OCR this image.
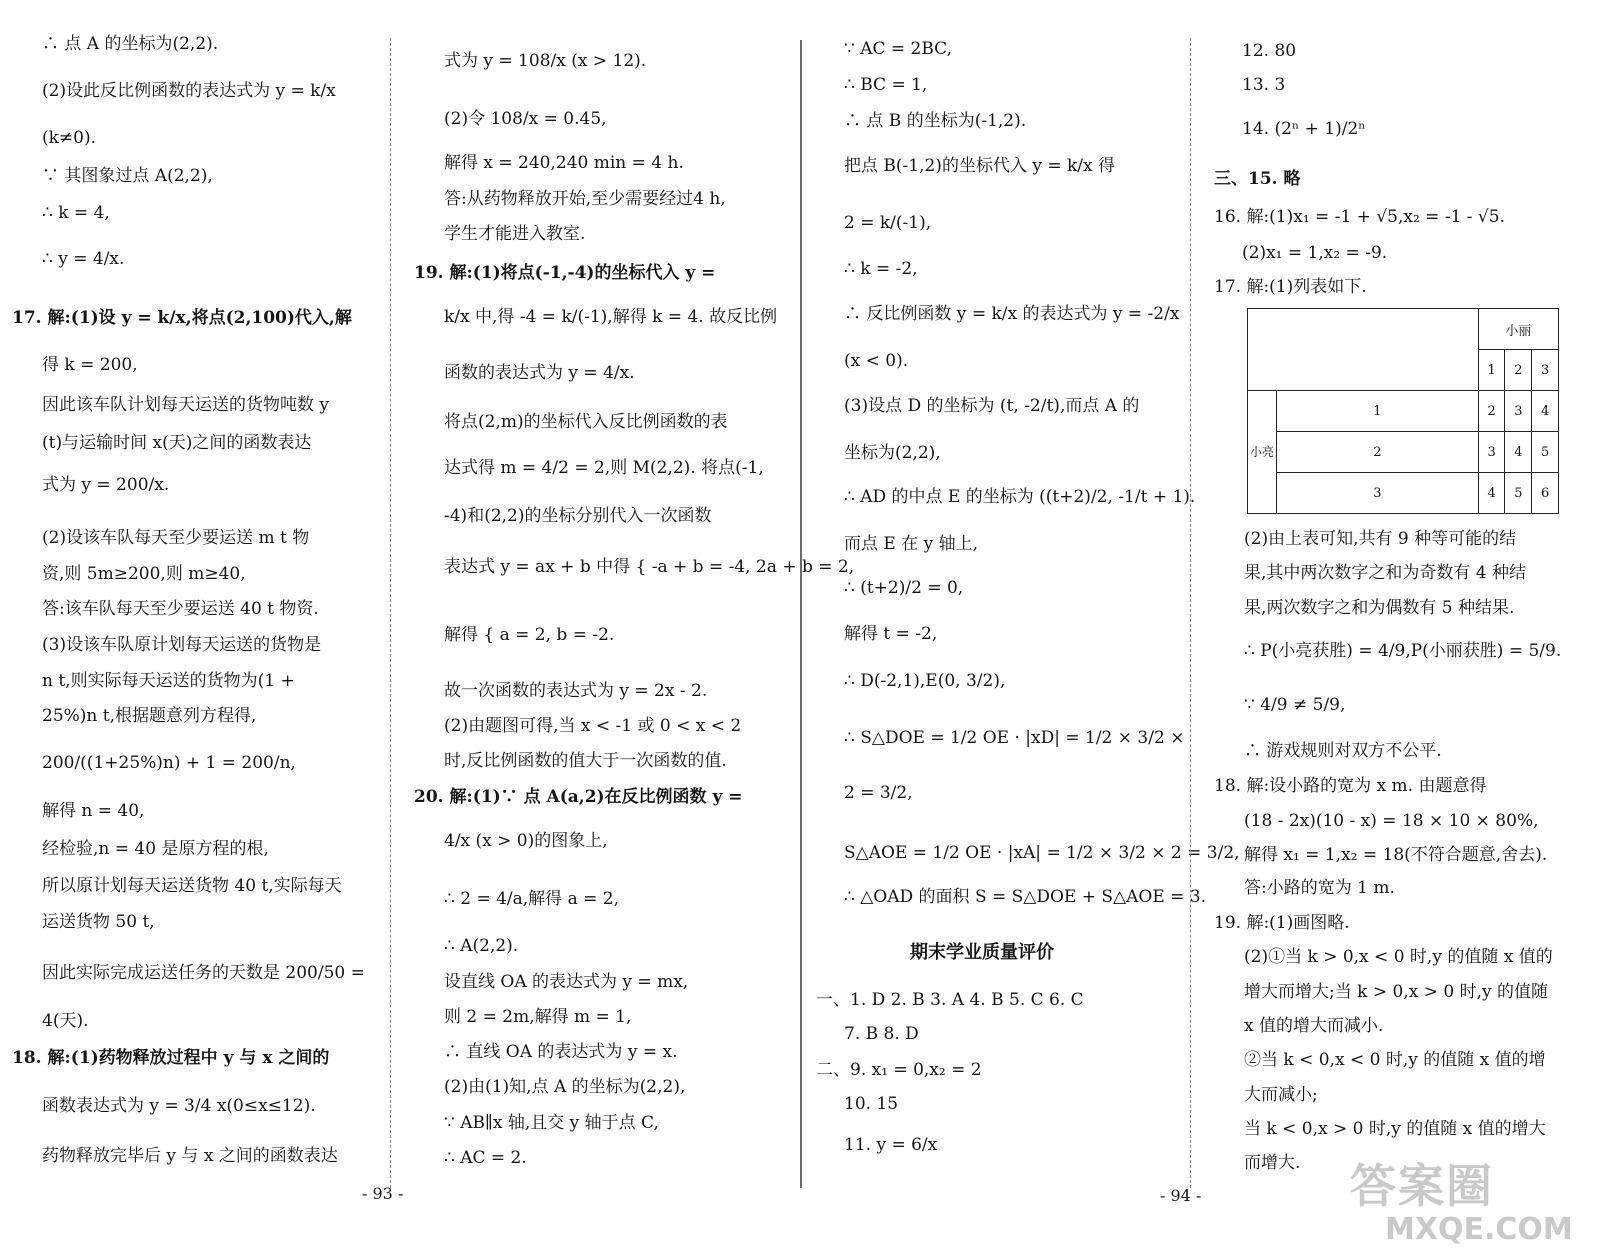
∴ 点 A 的坐标为(2,2).
(2)设此反比例函数的表达式为 y = k/x
(k≠0).
∵ 其图象过点 A(2,2),
∴ k = 4,
∴ y = 4/x.
17. 解:(1)设 y = k/x,将点(2,100)代入,解
得 k = 200,
因此该车队计划每天运送的货物吨数 y
(t)与运输时间 x(天)之间的函数表达
式为 y = 200/x.
(2)设该车队每天至少要运送 m t 物
资,则 5m≥200,则 m≥40,
答:该车队每天至少要运送 40 t 物资.
(3)设该车队原计划每天运送的货物是
n t,则实际每天运送的货物为(1 +
25%)n t,根据题意列方程得,
200/((1+25%)n) + 1 = 200/n,
解得 n = 40,
经检验,n = 40 是原方程的根,
所以原计划每天运送货物 40 t,实际每天
运送货物 50 t,
因此实际完成运送任务的天数是 200/50 =
4(天).
18. 解:(1)药物释放过程中 y 与 x 之间的
函数表达式为 y = 3/4 x(0≤x≤12).
药物释放完毕后 y 与 x 之间的函数表达
式为 y = 108/x (x > 12).
(2)令 108/x = 0.45,
解得 x = 240,240 min = 4 h.
答:从药物释放开始,至少需要经过4 h,
学生才能进入教室.
19. 解:(1)将点(-1,-4)的坐标代入 y =
k/x 中,得 -4 = k/(-1),解得 k = 4. 故反比例
函数的表达式为 y = 4/x.
将点(2,m)的坐标代入反比例函数的表
达式得 m = 4/2 = 2,则 M(2,2). 将点(-1,
-4)和(2,2)的坐标分别代入一次函数
表达式 y = ax + b 中得 { -a + b = -4, 2a + b = 2,
解得 { a = 2, b = -2.
故一次函数的表达式为 y = 2x - 2.
(2)由题图可得,当 x < -1 或 0 < x < 2
时,反比例函数的值大于一次函数的值.
20. 解:(1)∵ 点 A(a,2)在反比例函数 y =
4/x (x > 0)的图象上,
∴ 2 = 4/a,解得 a = 2,
∴ A(2,2).
设直线 OA 的表达式为 y = mx,
则 2 = 2m,解得 m = 1,
∴ 直线 OA 的表达式为 y = x.
(2)由(1)知,点 A 的坐标为(2,2),
∵ AB∥x 轴,且交 y 轴于点 C,
∴ AC = 2.
- 93 -
∵ AC = 2BC,
∴ BC = 1,
∴ 点 B 的坐标为(-1,2).
把点 B(-1,2)的坐标代入 y = k/x 得
2 = k/(-1),
∴ k = -2,
∴ 反比例函数 y = k/x 的表达式为 y = -2/x
(x < 0).
(3)设点 D 的坐标为 (t, -2/t),而点 A 的
坐标为(2,2),
∴ AD 的中点 E 的坐标为 ((t+2)/2, -1/t + 1).
而点 E 在 y 轴上,
∴ (t+2)/2 = 0,
解得 t = -2,
∴ D(-2,1),E(0, 3/2),
∴ S△DOE = 1/2 OE · |xD| = 1/2 × 3/2 ×
2 = 3/2,
S△AOE = 1/2 OE · |xA| = 1/2 × 3/2 × 2 = 3/2,
∴ △OAD 的面积 S = S△DOE + S△AOE = 3.
期末学业质量评价
一、1. D 2. B 3. A 4. B 5. C 6. C
7. B 8. D
二、9. x₁ = 0,x₂ = 2
10. 15
11. y = 6/x
12. 80
13. 3
14. (2ⁿ + 1)/2ⁿ
三、15. 略
16. 解:(1)x₁ = -1 + √5,x₂ = -1 - √5.
(2)x₁ = 1,x₂ = -9.
17. 解:(1)列表如下.
		小丽		
		1	2	3
小亮	1	2	3	4
	2	3	4	5
	3	4	5	6
(2)由上表可知,共有 9 种等可能的结
果,其中两次数字之和为奇数有 4 种结
果,两次数字之和为偶数有 5 种结果.
∴ P(小亮获胜) = 4/9,P(小丽获胜) = 5/9.
∵ 4/9 ≠ 5/9,
∴ 游戏规则对双方不公平.
18. 解:设小路的宽为 x m. 由题意得
(18 - 2x)(10 - x) = 18 × 10 × 80%,
解得 x₁ = 1,x₂ = 18(不符合题意,舍去).
答:小路的宽为 1 m.
19. 解:(1)画图略.
(2)①当 k > 0,x < 0 时,y 的值随 x 值的
增大而增大;当 k > 0,x > 0 时,y 的值随
x 值的增大而减小.
②当 k < 0,x < 0 时,y 的值随 x 值的增
大而减小;
当 k < 0,x > 0 时,y 的值随 x 值的增大
而增大.
- 94 -	答案圈
MXQE.COM
